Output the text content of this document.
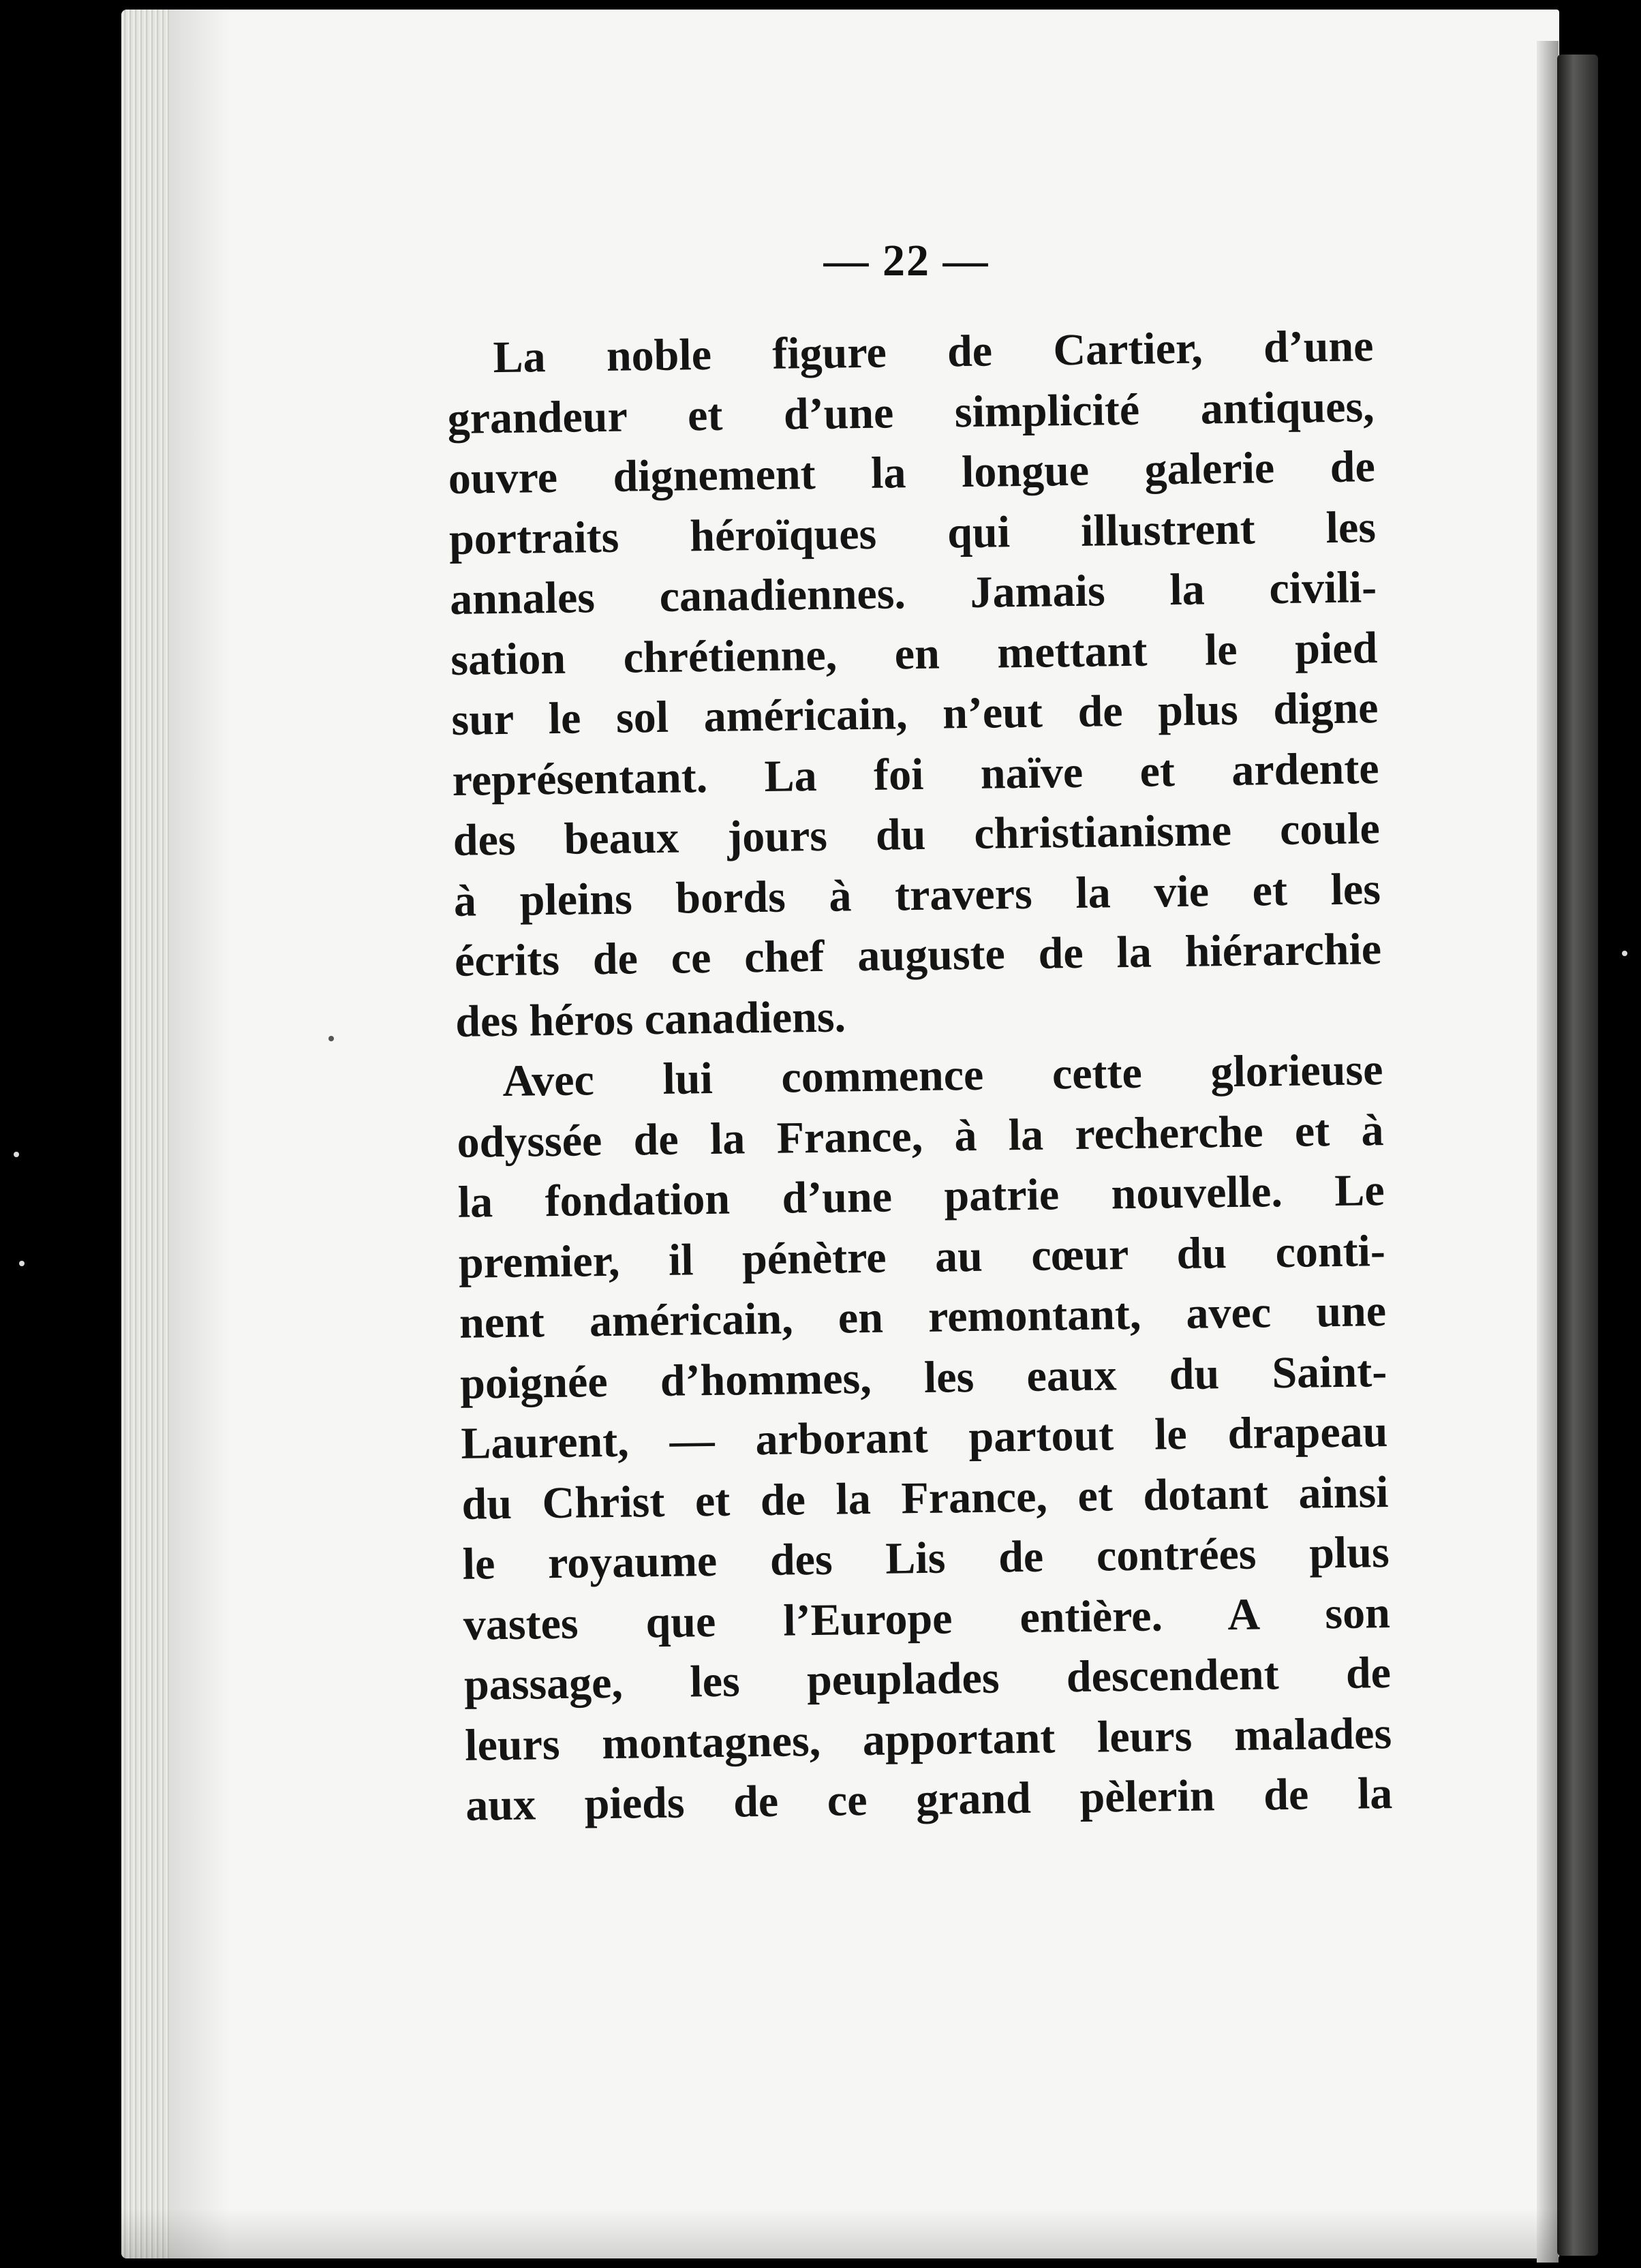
— 22 —
La noble figure de Cartier, d’une
grandeur et d’une simplicité antiques,
ouvre dignement la longue galerie de
portraits héroïques qui illustrent les
annales canadiennes. Jamais la civili-
sation chrétienne, en mettant le pied
sur le sol américain, n’eut de plus digne
représentant. La foi naïve et ardente
des beaux jours du christianisme coule
à pleins bords à travers la vie et les
écrits de ce chef auguste de la hiérarchie
des héros canadiens.
Avec lui commence cette glorieuse
odyssée de la France, à la recherche et à
la fondation d’une patrie nouvelle. Le
premier, il pénètre au cœur du conti-
nent américain, en remontant, avec une
poignée d’hommes, les eaux du Saint-
Laurent, — arborant partout le drapeau
du Christ et de la France, et dotant ainsi
le royaume des Lis de contrées plus
vastes que l’Europe entière. A son
passage, les peuplades descendent de
leurs montagnes, apportant leurs malades
aux pieds de ce grand pèlerin de la
